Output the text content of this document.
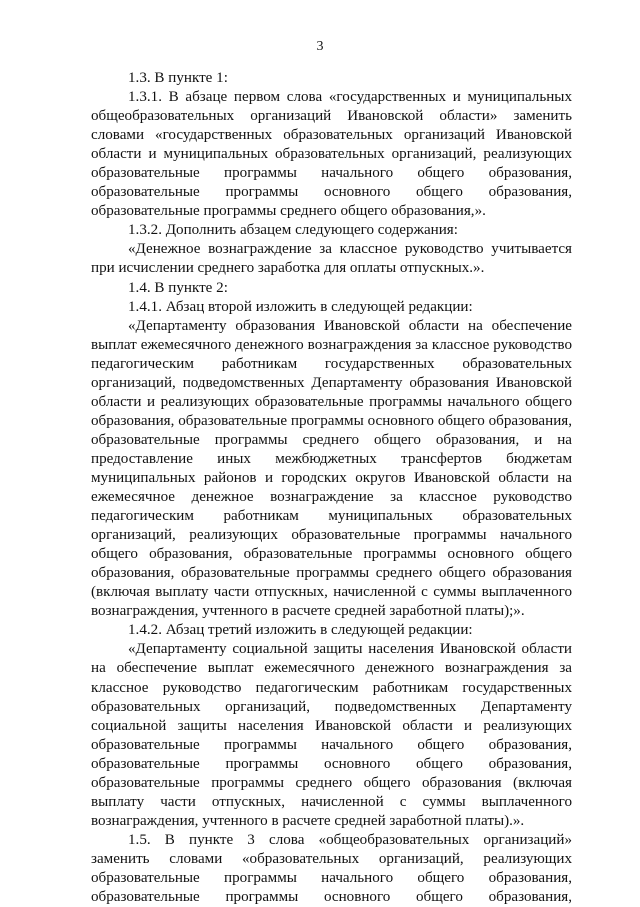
3
1.3. В пункте 1:
1.3.1. В абзаце первом слова «государственных и муниципальных
общеобразовательных организаций Ивановской области» заменить
словами «государственных образовательных организаций Ивановской
области и муниципальных образовательных организаций, реализующих
образовательные программы начального общего образования,
образовательные программы основного общего образования,
образовательные программы среднего общего образования,».
1.3.2. Дополнить абзацем следующего содержания:
«Денежное вознаграждение за классное руководство учитывается
при исчислении среднего заработка для оплаты отпускных.».
1.4. В пункте 2:
1.4.1. Абзац второй изложить в следующей редакции:
«Департаменту образования Ивановской области на обеспечение
выплат ежемесячного денежного вознаграждения за классное руководство
педагогическим работникам государственных образовательных
организаций, подведомственных Департаменту образования Ивановской
области и реализующих образовательные программы начального общего
образования, образовательные программы основного общего образования,
образовательные программы среднего общего образования, и на
предоставление иных межбюджетных трансфертов бюджетам
муниципальных районов и городских округов Ивановской области на
ежемесячное денежное вознаграждение за классное руководство
педагогическим работникам муниципальных образовательных
организаций, реализующих образовательные программы начального
общего образования, образовательные программы основного общего
образования, образовательные программы среднего общего образования
(включая выплату части отпускных, начисленной с суммы выплаченного
вознаграждения, учтенного в расчете средней заработной платы);».
1.4.2. Абзац третий изложить в следующей редакции:
«Департаменту социальной защиты населения Ивановской области
на обеспечение выплат ежемесячного денежного вознаграждения за
классное руководство педагогическим работникам государственных
образовательных организаций, подведомственных Департаменту
социальной защиты населения Ивановской области и реализующих
образовательные программы начального общего образования,
образовательные программы основного общего образования,
образовательные программы среднего общего образования (включая
выплату части отпускных, начисленной с суммы выплаченного
вознаграждения, учтенного в расчете средней заработной платы).».
1.5. В пункте 3 слова «общеобразовательных организаций»
заменить словами «образовательных организаций, реализующих
образовательные программы начального общего образования,
образовательные программы основного общего образования,
